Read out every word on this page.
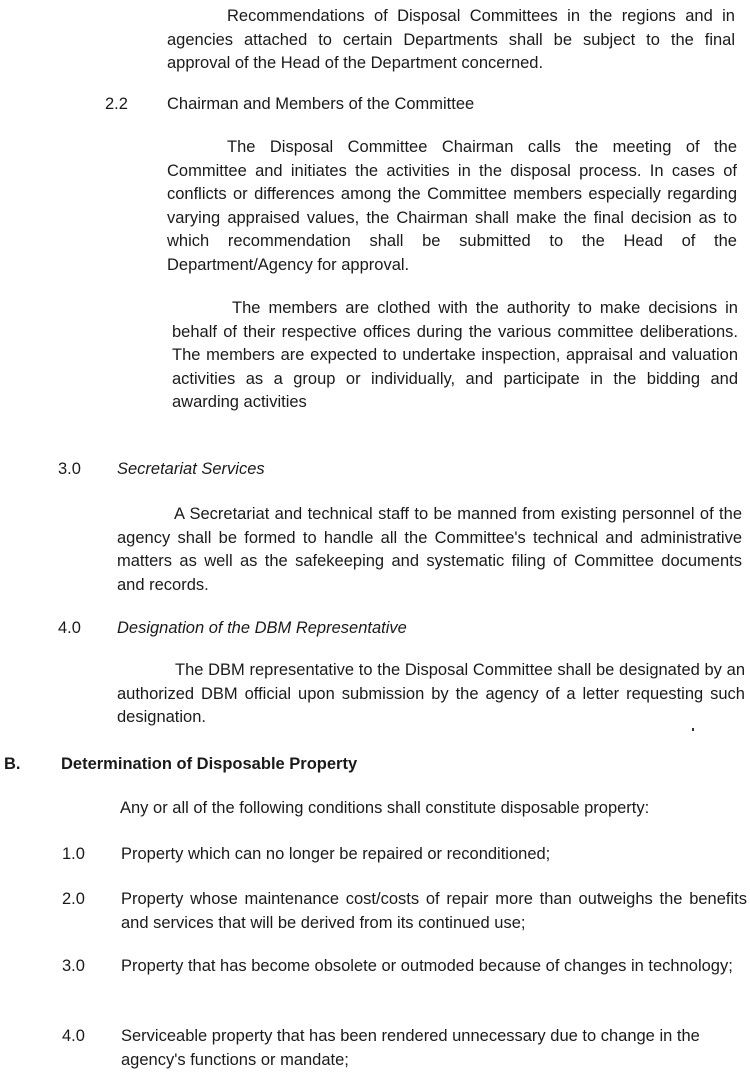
Recommendations of Disposal Committees in the regions and in agencies attached to certain Departments shall be subject to the final approval of the Head of the Department concerned.

2.2 Chairman and Members of the Committee

The Disposal Committee Chairman calls the meeting of the Committee and initiates the activities in the disposal process. In cases of conflicts or differences among the Committee members especially regarding varying appraised values, the Chairman shall make the final decision as to which recommendation shall be submitted to the Head of the Department/Agency for approval.

The members are clothed with the authority to make decisions in behalf of their respective offices during the various committee deliberations. The members are expected to undertake inspection, appraisal and valuation activities as a group or individually, and participate in the bidding and awarding activities

3.0 Secretariat Services

A Secretariat and technical staff to be manned from existing personnel of the agency shall be formed to handle all the Committee's technical and administrative matters as well as the safekeeping and systematic filing of Committee documents and records.

4.0 Designation of the DBM Representative

The DBM representative to the Disposal Committee shall be designated by an authorized DBM official upon submission by the agency of a letter requesting such designation.

B. Determination of Disposable Property

Any or all of the following conditions shall constitute disposable property:

1.0 Property which can no longer be repaired or reconditioned;
2.0 Property whose maintenance cost/costs of repair more than outweighs the benefits and services that will be derived from its continued use;
3.0 Property that has become obsolete or outmoded because of changes in technology;
4.0 Serviceable property that has been rendered unnecessary due to change in the agency's functions or mandate;
